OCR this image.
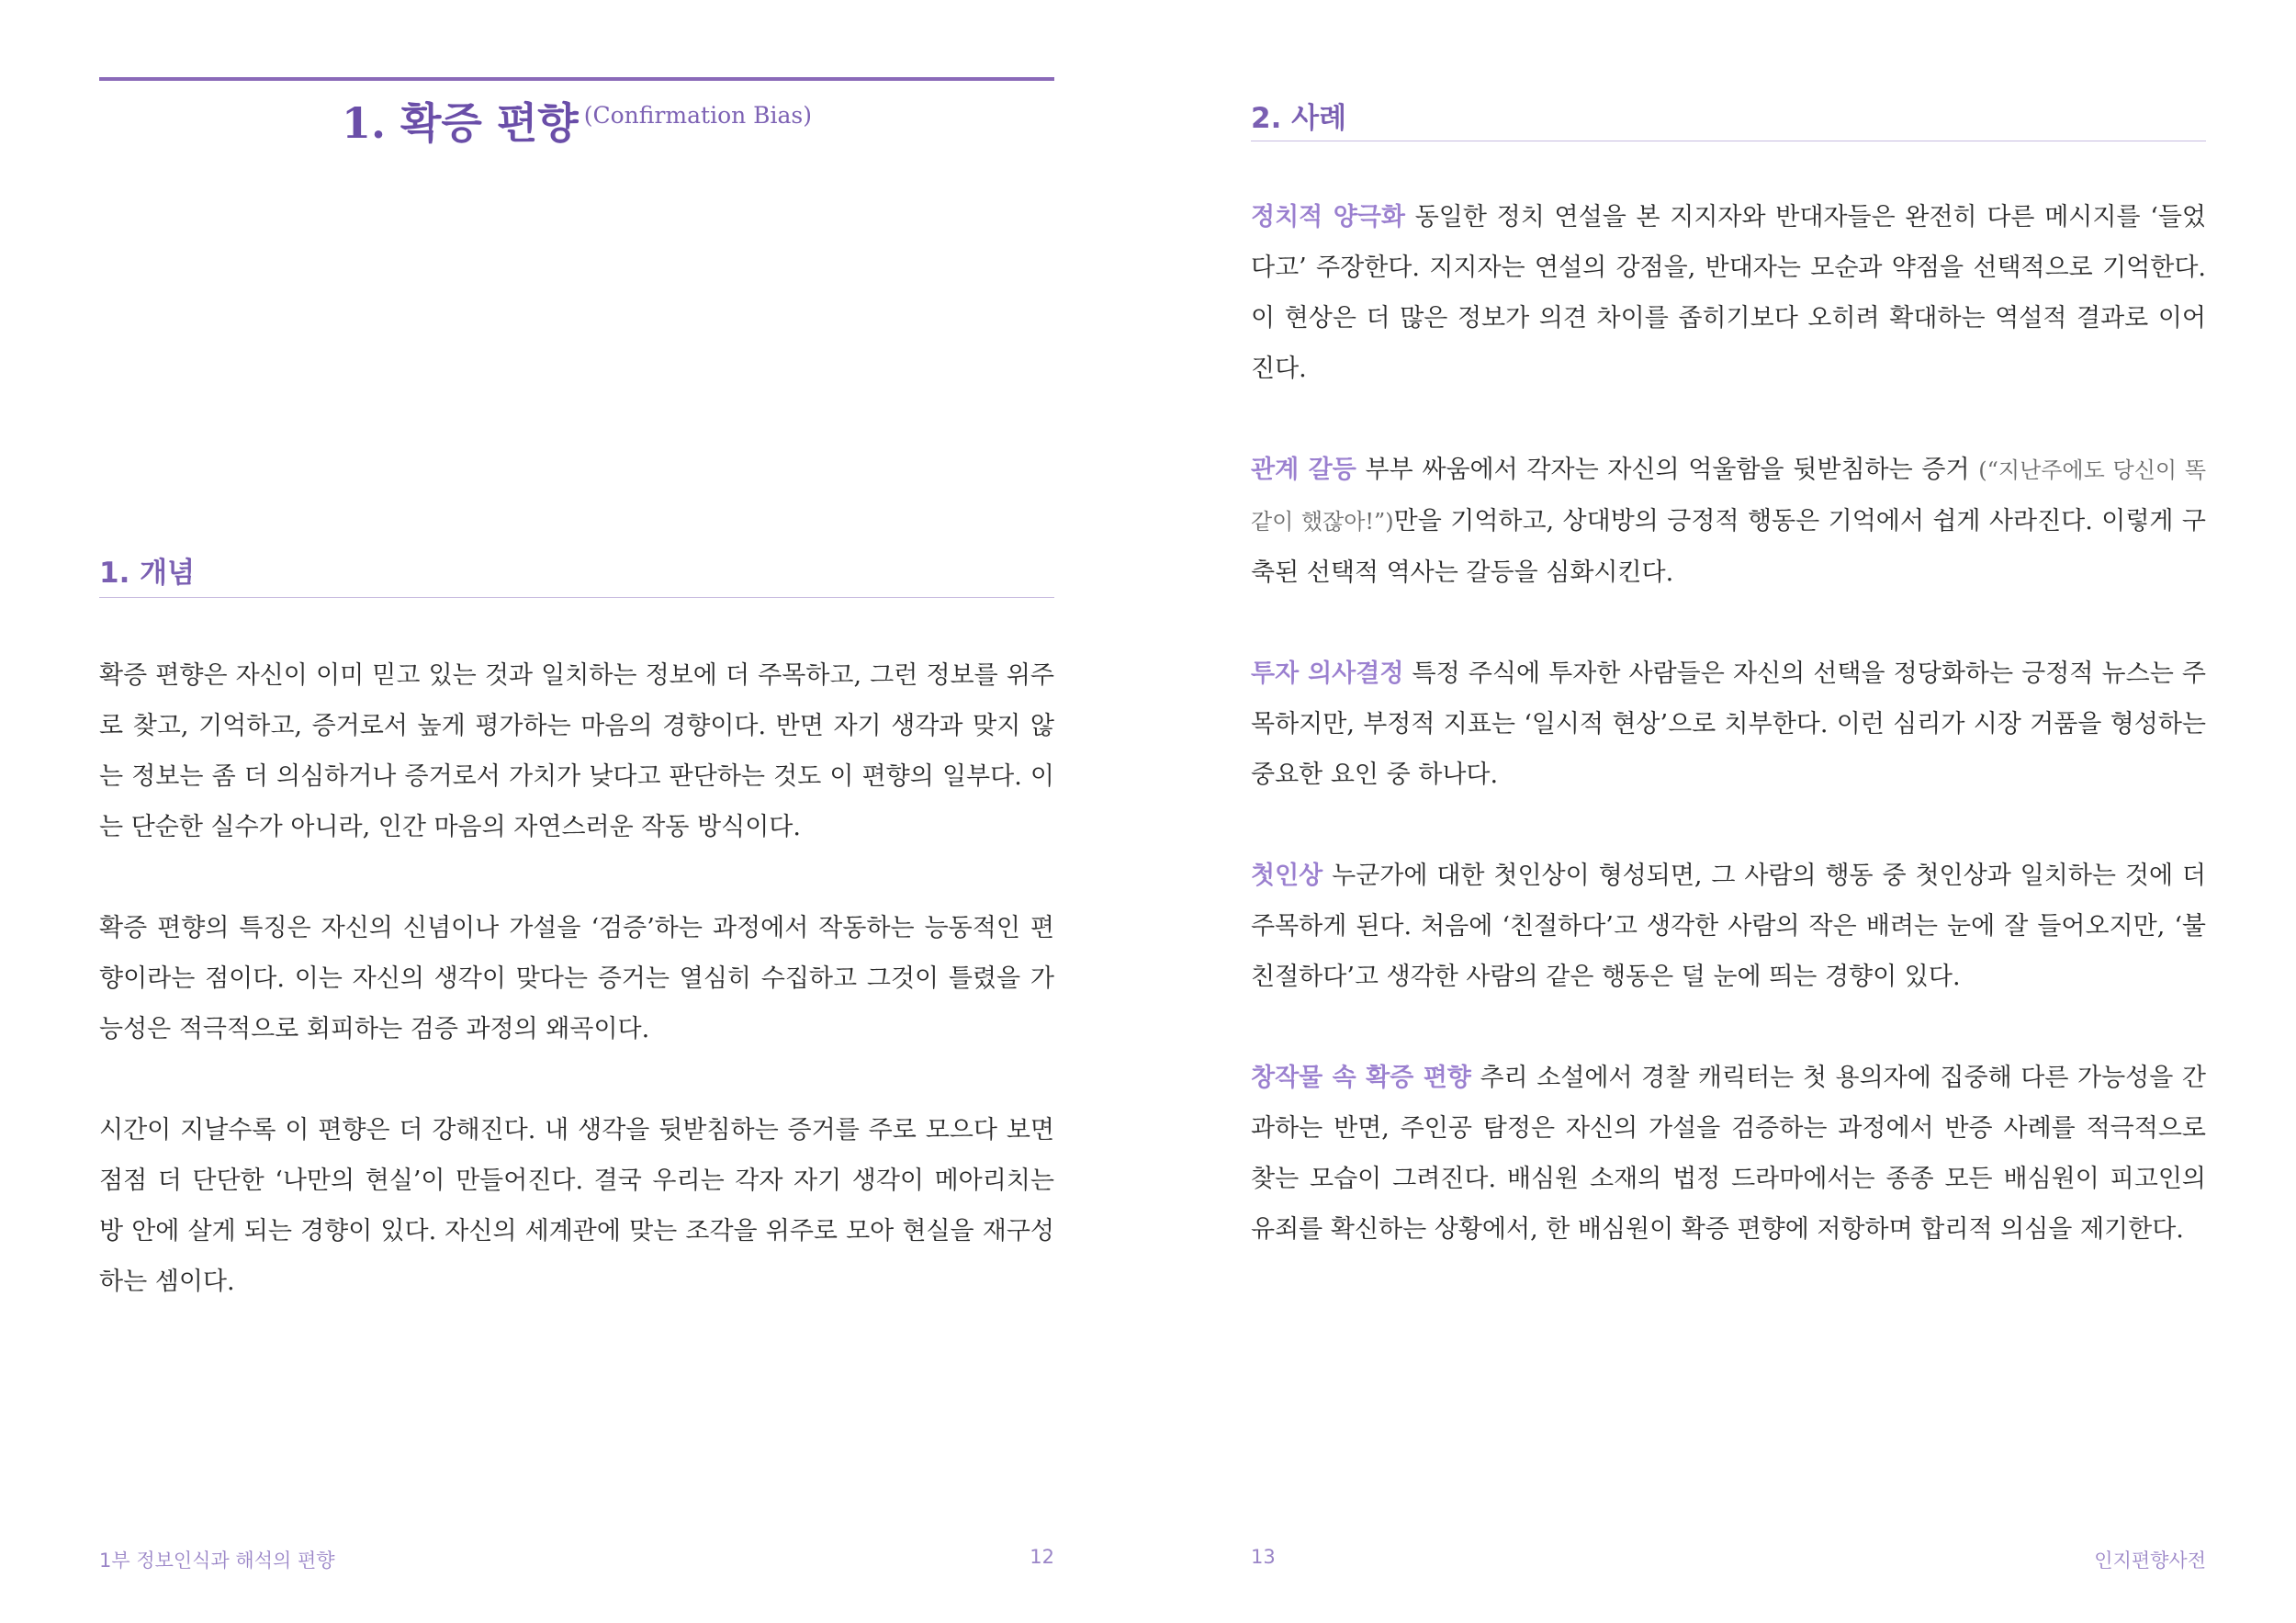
1. 확증 편향 (Confirmation Bias)
1. 개념

확증 편향은 자신이 이미 믿고 있는 것과 일치하는 정보에 더 주목하고, 그런 정보를 위주로 찾고, 기억하고, 증거로서 높게 평가하는 마음의 경향이다. 반면 자기 생각과 맞지 않는 정보는 좀 더 의심하거나 증거로서 가치가 낮다고 판단하는 것도 이 편향의 일부다. 이는 단순한 실수가 아니라, 인간 마음의 자연스러운 작동 방식이다.

확증 편향의 특징은 자신의 신념이나 가설을 ‘검증’하는 과정에서 작동하는 능동적인 편향이라는 점이다. 이는 자신의 생각이 맞다는 증거는 열심히 수집하고 그것이 틀렸을 가능성은 적극적으로 회피하는 검증 과정의 왜곡이다.

시간이 지날수록 이 편향은 더 강해진다. 내 생각을 뒷받침하는 증거를 주로 모으다 보면 점점 더 단단한 ‘나만의 현실’이 만들어진다. 결국 우리는 각자 자기 생각이 메아리치는 방 안에 살게 되는 경향이 있다. 자신의 세계관에 맞는 조각을 위주로 모아 현실을 재구성하는 셈이다.

1부 정보인식과 해석의 편향	12
2. 사례

정치적 양극화 동일한 정치 연설을 본 지지자와 반대자들은 완전히 다른 메시지를 ‘들었다고’ 주장한다. 지지자는 연설의 강점을, 반대자는 모순과 약점을 선택적으로 기억한다. 이 현상은 더 많은 정보가 의견 차이를 좁히기보다 오히려 확대하는 역설적 결과로 이어진다.

관계 갈등 부부 싸움에서 각자는 자신의 억울함을 뒷받침하는 증거 (“지난주에도 당신이 똑같이 했잖아!”)만을 기억하고, 상대방의 긍정적 행동은 기억에서 쉽게 사라진다. 이렇게 구축된 선택적 역사는 갈등을 심화시킨다.

투자 의사결정 특정 주식에 투자한 사람들은 자신의 선택을 정당화하는 긍정적 뉴스는 주목하지만, 부정적 지표는 ‘일시적 현상’으로 치부한다. 이런 심리가 시장 거품을 형성하는 중요한 요인 중 하나다.

첫인상 누군가에 대한 첫인상이 형성되면, 그 사람의 행동 중 첫인상과 일치하는 것에 더 주목하게 된다. 처음에 ‘친절하다’고 생각한 사람의 작은 배려는 눈에 잘 들어오지만, ‘불친절하다’고 생각한 사람의 같은 행동은 덜 눈에 띄는 경향이 있다.

창작물 속 확증 편향 추리 소설에서 경찰 캐릭터는 첫 용의자에 집중해 다른 가능성을 간과하는 반면, 주인공 탐정은 자신의 가설을 검증하는 과정에서 반증 사례를 적극적으로 찾는 모습이 그려진다. 배심원 소재의 법정 드라마에서는 종종 모든 배심원이 피고인의 유죄를 확신하는 상황에서, 한 배심원이 확증 편향에 저항하며 합리적 의심을 제기한다.

13	인지편향사전
